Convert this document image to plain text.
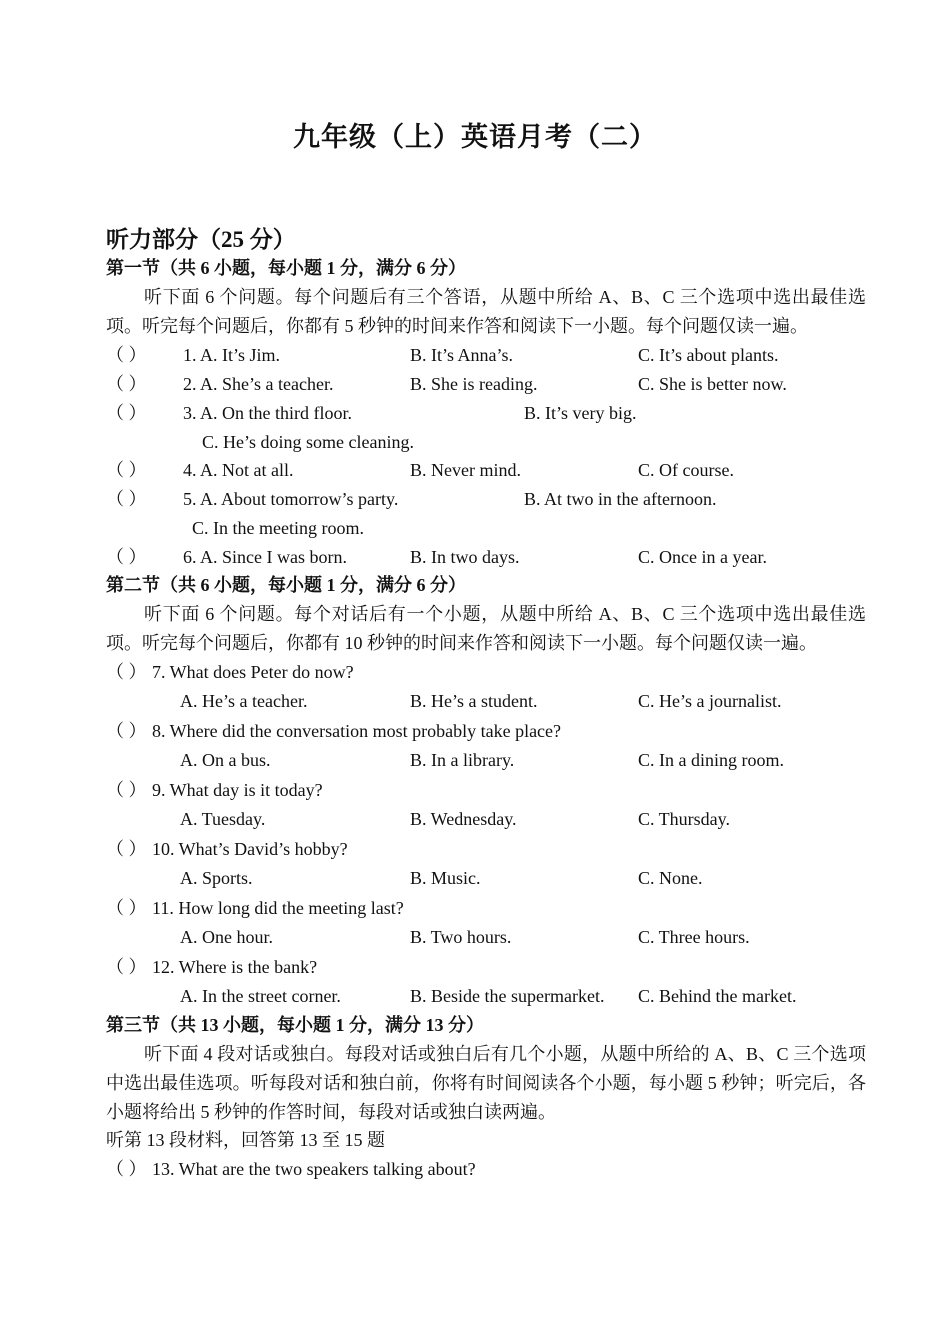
九年级（上）英语月考（二）
听力部分（25 分）
第一节（共 6 小题，每小题 1 分，满分 6 分）
听下面 6 个问题。每个问题后有三个答语，从题中所给 A、B、C 三个选项中选出最佳选项。听完每个问题后，你都有 5 秒钟的时间来作答和阅读下一小题。每个问题仅读一遍。
（ ） 1. A. It’s Jim.	B. It’s Anna’s.	C. It’s about plants.
（ ） 2. A. She’s a teacher.	B. She is reading.	C. She is better now.
（ ） 3. A. On the third floor.	B. It’s very big.
C. He’s doing some cleaning.
（ ） 4. A. Not at all.	B. Never mind.	C. Of course.
（ ） 5. A. About tomorrow’s party.	B. At two in the afternoon.
C. In the meeting room.
（ ） 6. A. Since I was born.	B. In two days.	C. Once in a year.
第二节（共 6 小题，每小题 1 分，满分 6 分）
听下面 6 个问题。每个对话后有一个小题，从题中所给 A、B、C 三个选项中选出最佳选项。听完每个问题后，你都有 10 秒钟的时间来作答和阅读下一小题。每个问题仅读一遍。
（ ） 7. What does Peter do now?
A. He’s a teacher.	B. He’s a student.	C. He’s a journalist.
（ ） 8. Where did the conversation most probably take place?
A. On a bus.	B. In a library.	C. In a dining room.
（ ） 9. What day is it today?
A. Tuesday.	B. Wednesday.	C. Thursday.
（ ） 10. What’s David’s hobby?
A. Sports.	B. Music.	C. None.
（ ） 11. How long did the meeting last?
A. One hour.	B. Two hours.	C. Three hours.
（ ） 12. Where is the bank?
A. In the street corner.	B. Beside the supermarket. C. Behind the market.
第三节（共 13 小题，每小题 1 分，满分 13 分）
听下面 4 段对话或独白。每段对话或独白后有几个小题，从题中所给的 A、B、C 三个选项中选出最佳选项。听每段对话和独白前，你将有时间阅读各个小题，每小题 5 秒钟；听完后，各小题将给出 5 秒钟的作答时间，每段对话或独白读两遍。
听第 13 段材料，回答第 13 至 15 题
（ ） 13. What are the two speakers talking about?
